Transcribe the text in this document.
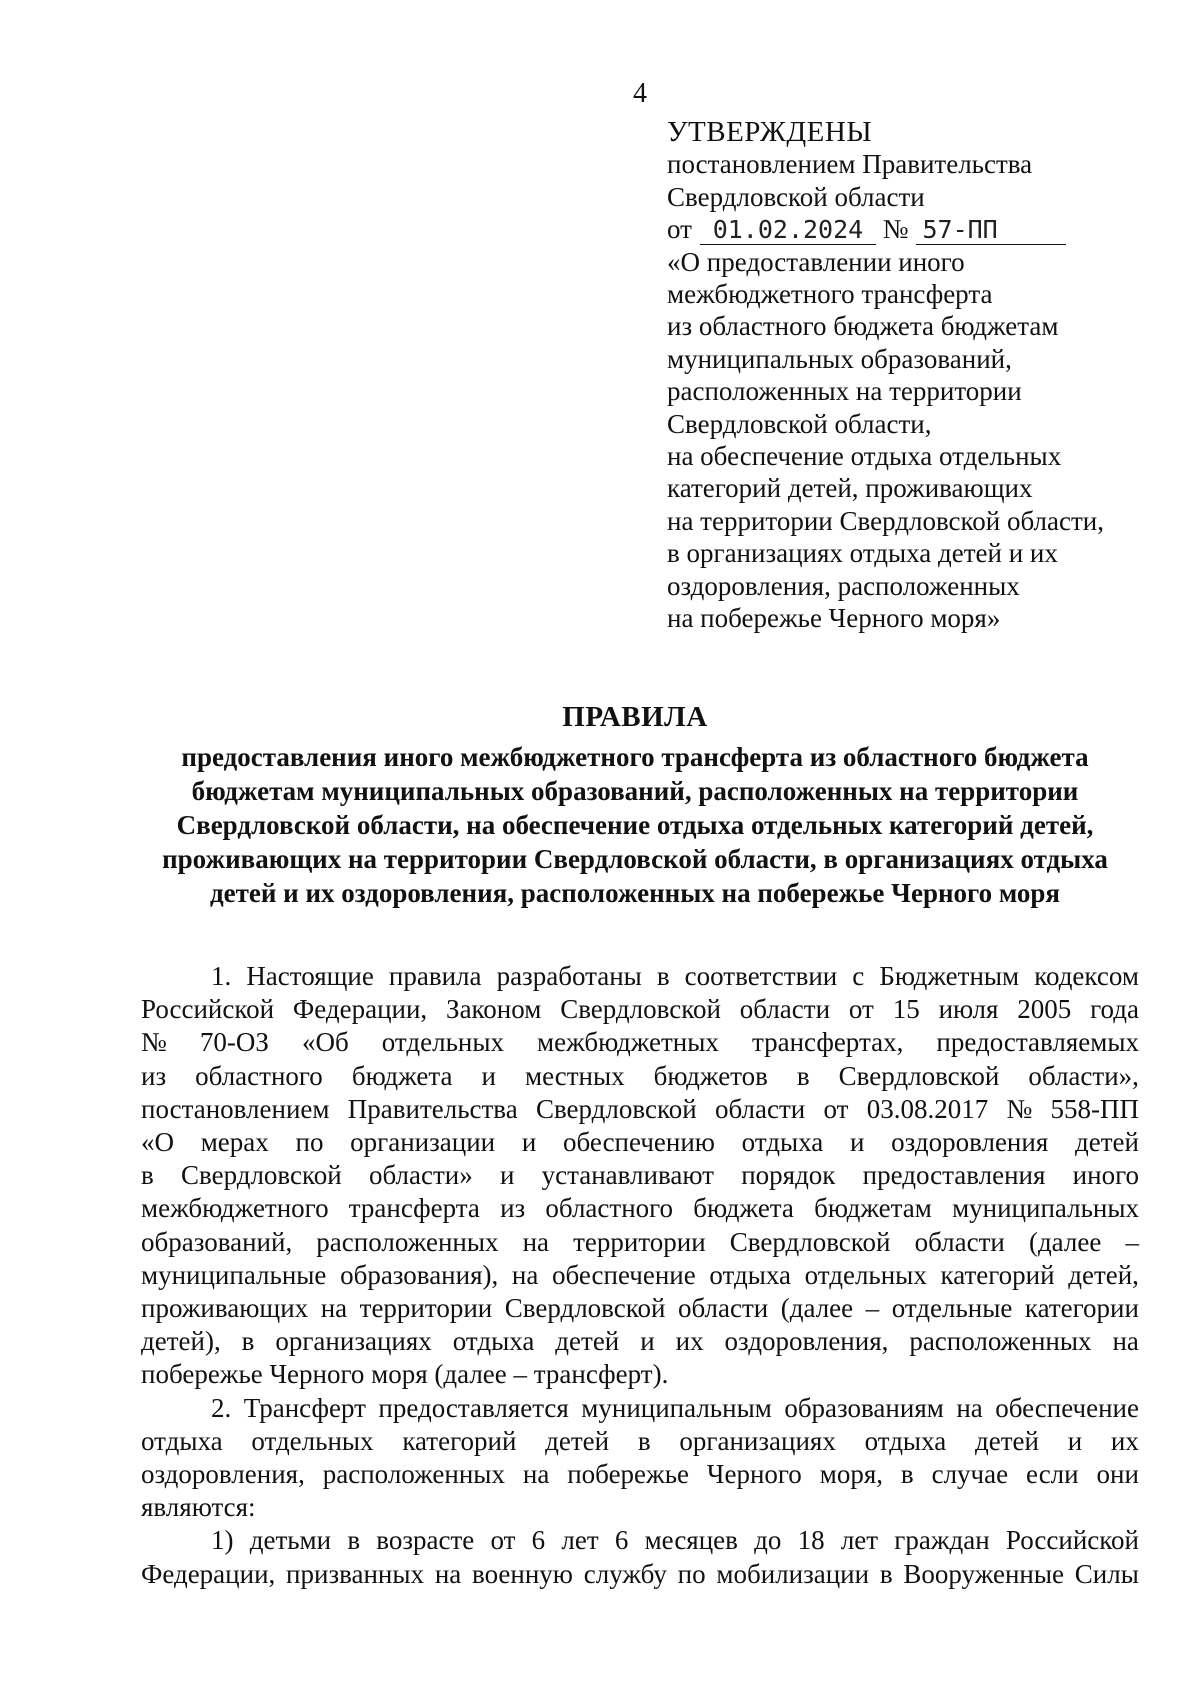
4
УТВЕРЖДЕНЫ
постановлением Правительства
Свердловской области
от 01.02.2024 № 57-ПП
«О предоставлении иного
межбюджетного трансферта
из областного бюджета бюджетам
муниципальных образований,
расположенных на территории
Свердловской области,
на обеспечение отдыха отдельных
категорий детей, проживающих
на территории Свердловской области,
в организациях отдыха детей и их
оздоровления, расположенных
на побережье Черного моря»
ПРАВИЛА
предоставления иного межбюджетного трансферта из областного бюджета
бюджетам муниципальных образований, расположенных на территории
Свердловской области, на обеспечение отдыха отдельных категорий детей,
проживающих на территории Свердловской области, в организациях отдыха
детей и их оздоровления, расположенных на побережье Черного моря
1. Настоящие правила разработаны в соответствии с Бюджетным кодексом
Российской Федерации, Законом Свердловской области от 15 июля 2005 года
№ 70-ОЗ «Об отдельных межбюджетных трансфертах, предоставляемых
из областного бюджета и местных бюджетов в Свердловской области»,
постановлением Правительства Свердловской области от 03.08.2017 № 558-ПП
«О мерах по организации и обеспечению отдыха и оздоровления детей
в Свердловской области» и устанавливают порядок предоставления иного
межбюджетного трансферта из областного бюджета бюджетам муниципальных
образований, расположенных на территории Свердловской области (далее –
муниципальные образования), на обеспечение отдыха отдельных категорий детей,
проживающих на территории Свердловской области (далее – отдельные категории
детей), в организациях отдыха детей и их оздоровления, расположенных на
побережье Черного моря (далее – трансферт).
2. Трансферт предоставляется муниципальным образованиям на обеспечение
отдыха отдельных категорий детей в организациях отдыха детей и их
оздоровления, расположенных на побережье Черного моря, в случае если они
являются:
1) детьми в возрасте от 6 лет 6 месяцев до 18 лет граждан Российской
Федерации, призванных на военную службу по мобилизации в Вооруженные Силы
